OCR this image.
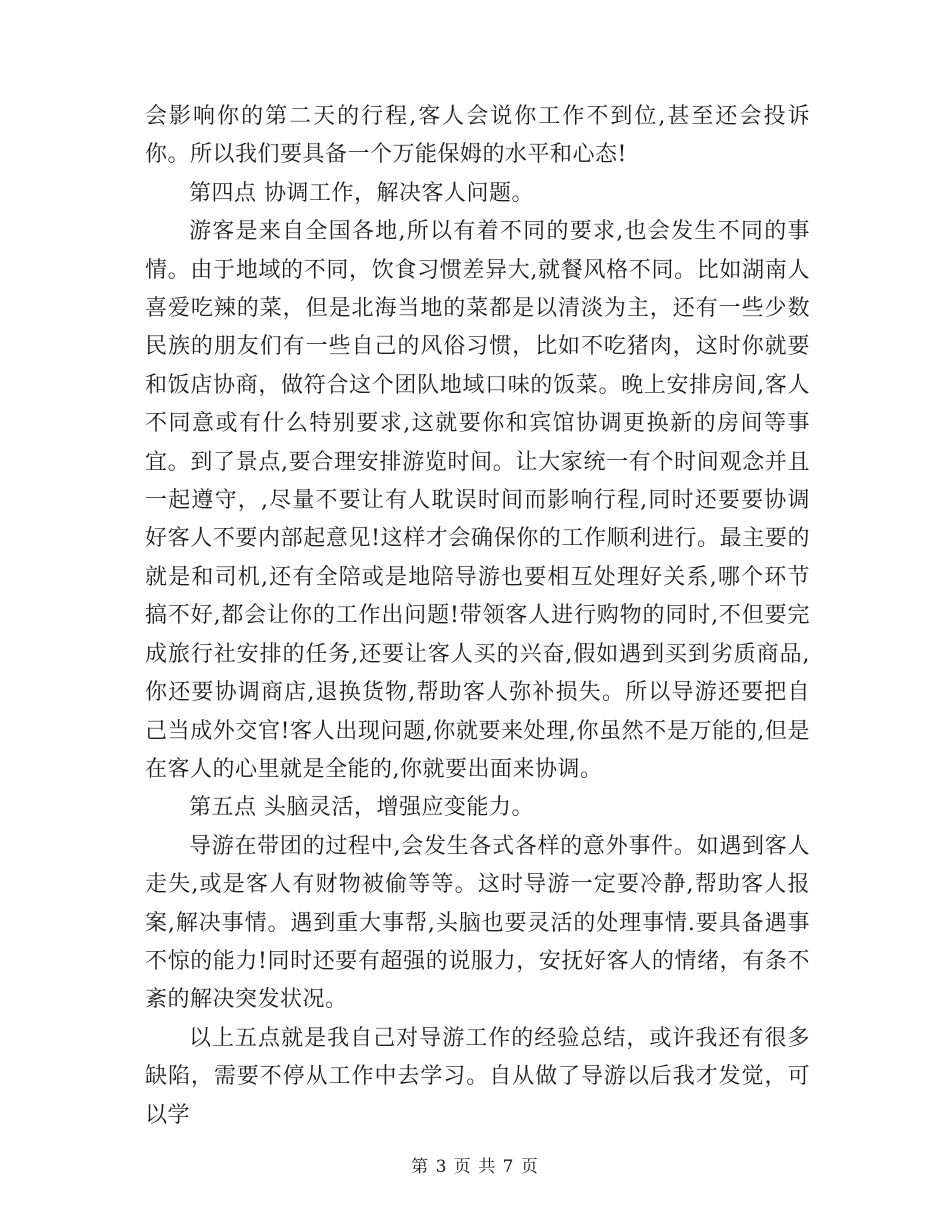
会影响你的第二天的行程,客人会说你工作不到位,甚至还会投诉你。所以我们要具备一个万能保姆的水平和心态!

第四点 协调工作，解决客人问题。

游客是来自全国各地,所以有着不同的要求,也会发生不同的事情。由于地域的不同，饮食习惯差异大,就餐风格不同。比如湖南人喜爱吃辣的菜，但是北海当地的菜都是以清淡为主，还有一些少数民族的朋友们有一些自己的风俗习惯，比如不吃猪肉，这时你就要和饭店协商，做符合这个团队地域口味的饭菜。晚上安排房间,客人不同意或有什么特别要求,这就要你和宾馆协调更换新的房间等事宜。到了景点,要合理安排游览时间。让大家统一有个时间观念并且一起遵守，,尽量不要让有人耽误时间而影响行程,同时还要要协调好客人不要内部起意见!这样才会确保你的工作顺利进行。最主要的就是和司机,还有全陪或是地陪导游也要相互处理好关系,哪个环节搞不好,都会让你的工作出问题!带领客人进行购物的同时,不但要完成旅行社安排的任务,还要让客人买的兴奋,假如遇到买到劣质商品,你还要协调商店,退换货物,帮助客人弥补损失。所以导游还要把自己当成外交官!客人出现问题,你就要来处理,你虽然不是万能的,但是在客人的心里就是全能的,你就要出面来协调。

第五点 头脑灵活，增强应变能力。

导游在带团的过程中,会发生各式各样的意外事件。如遇到客人走失,或是客人有财物被偷等等。这时导游一定要冷静,帮助客人报案,解决事情。遇到重大事帮,头脑也要灵活的处理事情.要具备遇事不惊的能力!同时还要有超强的说服力，安抚好客人的情绪，有条不紊的解决突发状况。

以上五点就是我自己对导游工作的经验总结，或许我还有很多缺陷，需要不停从工作中去学习。自从做了导游以后我才发觉，可以学

第 3 页 共 7 页
